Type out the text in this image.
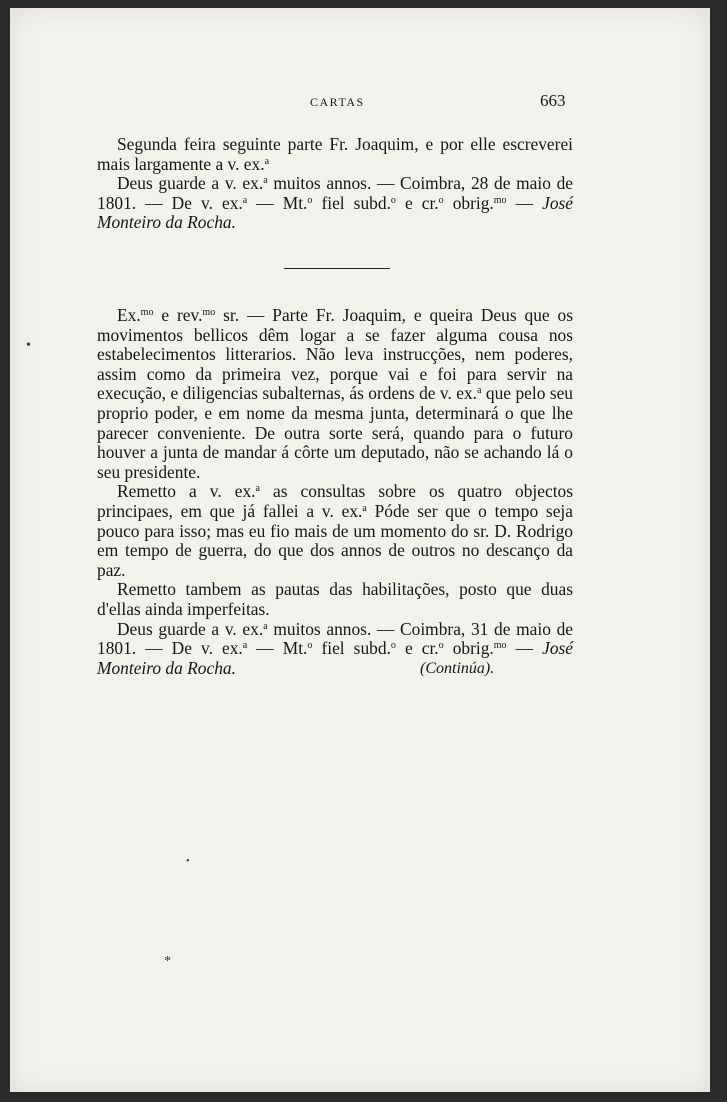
CARTAS	663

Segunda feira seguinte parte Fr. Joaquim, e por elle escreverei mais largamente a v. ex.$^a$

Deus guarde a v. ex.$^a$ muitos annos. — Coimbra, 28 de maio de 1801. — De v. ex.$^a$ — Mt.$^o$ fiel subd.$^o$ e cr.$^o$ obrig.$^{mo}$ — José Monteiro da Rocha.

Ex.$^{mo}$ e rev.$^{mo}$ sr. — Parte Fr. Joaquim, e queira Deus que os movimentos bellicos dêm logar a se fazer alguma cousa nos estabelecimentos litterarios. Não leva instrucções, nem poderes, assim como da primeira vez, porque vai e foi para servir na execução, e diligencias subalternas, ás ordens de v. ex.$^a$ que pelo seu proprio poder, e em nome da mesma junta, determinará o que lhe parecer conveniente. De outra sorte será, quando para o futuro houver a junta de mandar á côrte um deputado, não se achando lá o seu presidente.

Remetto a v. ex.$^a$ as consultas sobre os quatro objectos principaes, em que já fallei a v. ex.$^a$ Póde ser que o tempo seja pouco para isso; mas eu fio mais de um momento do sr. D. Rodrigo em tempo de guerra, do que dos annos de outros no descanço da paz.

Remetto tambem as pautas das habilitações, posto que duas d'ellas ainda imperfeitas.

Deus guarde a v. ex.$^a$ muitos annos. — Coimbra, 31 de maio de 1801. — De v. ex.$^a$ — Mt.$^o$ fiel subd.$^o$ e cr.$^o$ obrig.$^{mo}$ — José Monteiro da Rocha.	(Continúa).
•
•
*
